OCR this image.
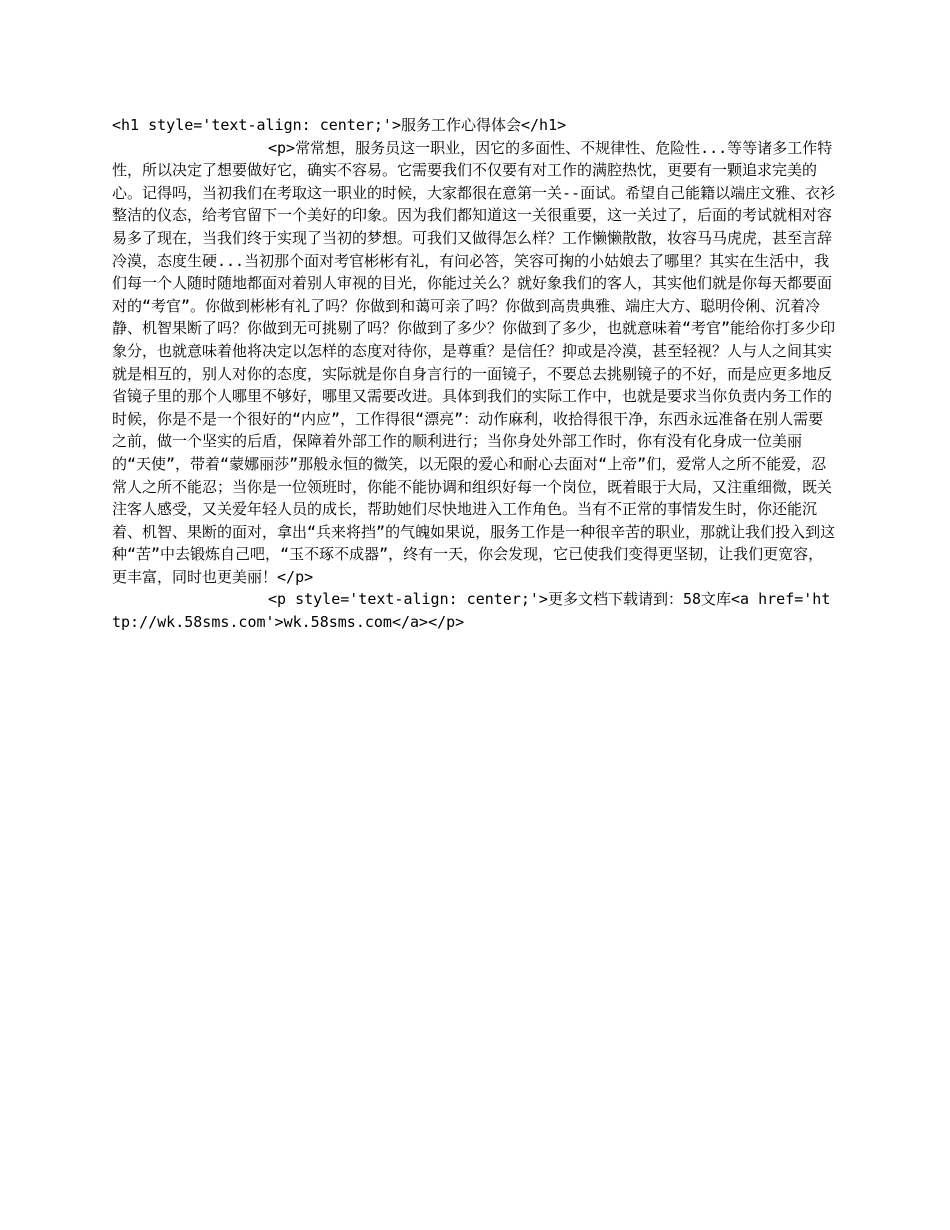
<h1 style='text-align: center;'>服务工作心得体会</h1>

<p>常常想，服务员这一职业，因它的多面性、不规律性、危险性...等等诸多工作特性，所以决定了想要做好它，确实不容易。它需要我们不仅要有对工作的满腔热忱，更要有一颗追求完美的心。记得吗，当初我们在考取这一职业的时候，大家都很在意第一关--面试。希望自己能籍以端庄文雅、衣衫整洁的仪态，给考官留下一个美好的印象。因为我们都知道这一关很重要，这一关过了，后面的考试就相对容易多了现在，当我们终于实现了当初的梦想。可我们又做得怎么样？工作懒懒散散，妆容马马虎虎，甚至言辞冷漠，态度生硬...当初那个面对考官彬彬有礼，有问必答，笑容可掬的小姑娘去了哪里？其实在生活中，我们每一个人随时随地都面对着别人审视的目光，你能过关么？就好象我们的客人，其实他们就是你每天都要面对的“考官”。你做到彬彬有礼了吗？你做到和蔼可亲了吗？你做到高贵典雅、端庄大方、聪明伶俐、沉着冷静、机智果断了吗？你做到无可挑剔了吗？你做到了多少？你做到了多少，也就意味着“考官”能给你打多少印象分，也就意味着他将决定以怎样的态度对待你，是尊重？是信任？抑或是冷漠，甚至轻视？人与人之间其实就是相互的，别人对你的态度，实际就是你自身言行的一面镜子，不要总去挑剔镜子的不好，而是应更多地反省镜子里的那个人哪里不够好，哪里又需要改进。具体到我们的实际工作中，也就是要求当你负责内务工作的时候，你是不是一个很好的“内应”，工作得很“漂亮”：动作麻利，收拾得很干净，东西永远准备在别人需要之前，做一个坚实的后盾，保障着外部工作的顺利进行；当你身处外部工作时，你有没有化身成一位美丽的“天使”，带着“蒙娜丽莎”那般永恒的微笑，以无限的爱心和耐心去面对“上帝”们，爱常人之所不能爱，忍常人之所不能忍；当你是一位领班时，你能不能协调和组织好每一个岗位，既着眼于大局，又注重细微，既关注客人感受，又关爱年轻人员的成长，帮助她们尽快地进入工作角色。当有不正常的事情发生时，你还能沉着、机智、果断的面对，拿出“兵来将挡”的气魄如果说，服务工作是一种很辛苦的职业，那就让我们投入到这种“苦”中去锻炼自己吧，“玉不琢不成器”，终有一天，你会发现，它已使我们变得更坚韧，让我们更宽容，更丰富，同时也更美丽！</p>

<p style='text-align: center;'>更多文档下载请到：58文库<a href='http://wk.58sms.com'>wk.58sms.com</a></p>
